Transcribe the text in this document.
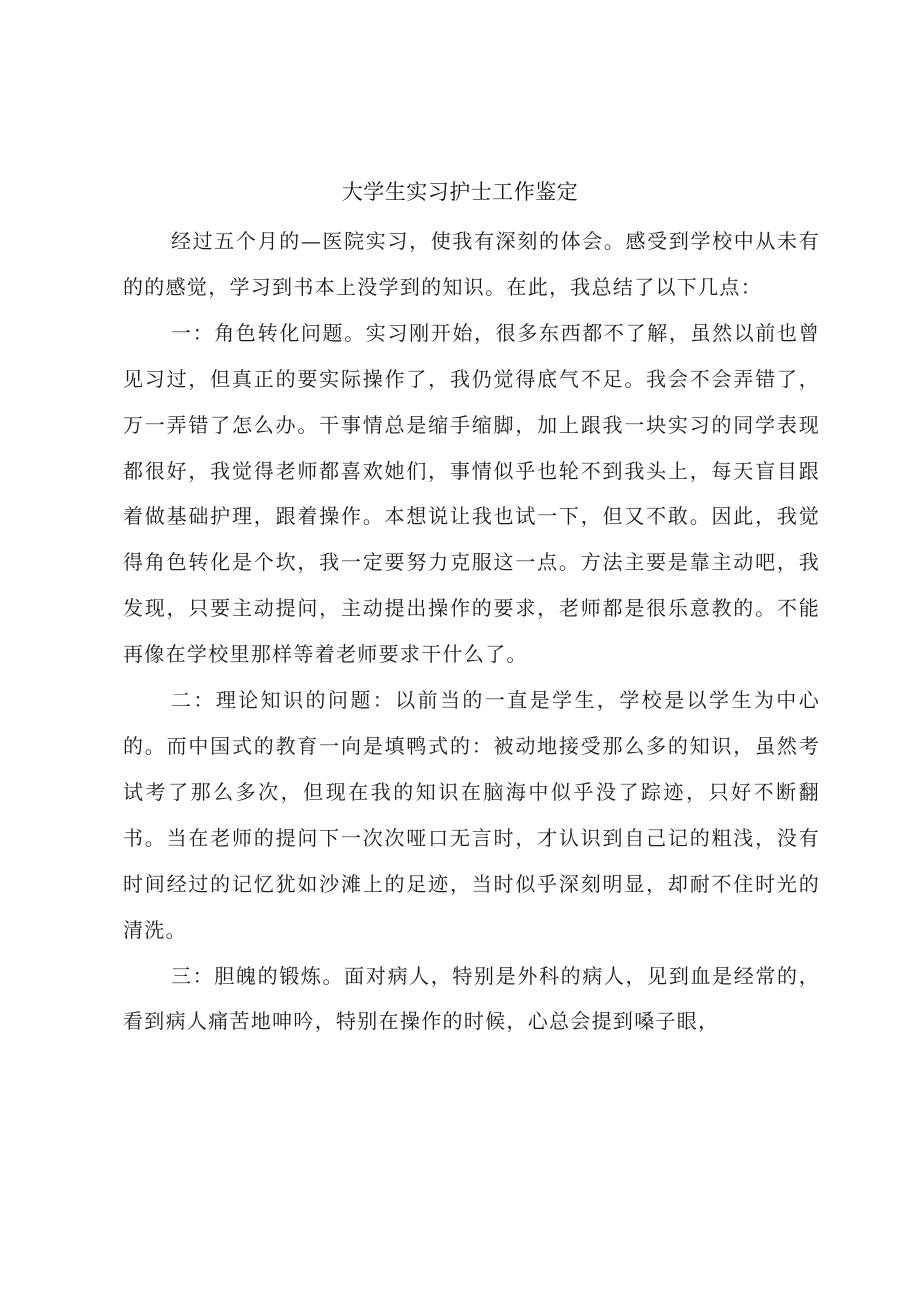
大学生实习护士工作鉴定

经过五个月的—医院实习，使我有深刻的体会。感受到学校中从未有的的感觉，学习到书本上没学到的知识。在此，我总结了以下几点：

一：角色转化问题。实习刚开始，很多东西都不了解，虽然以前也曾见习过，但真正的要实际操作了，我仍觉得底气不足。我会不会弄错了，万一弄错了怎么办。干事情总是缩手缩脚，加上跟我一块实习的同学表现都很好，我觉得老师都喜欢她们，事情似乎也轮不到我头上，每天盲目跟着做基础护理，跟着操作。本想说让我也试一下，但又不敢。因此，我觉得角色转化是个坎，我一定要努力克服这一点。方法主要是靠主动吧，我发现，只要主动提问，主动提出操作的要求，老师都是很乐意教的。不能再像在学校里那样等着老师要求干什么了。

二：理论知识的问题：以前当的一直是学生，学校是以学生为中心的。而中国式的教育一向是填鸭式的：被动地接受那么多的知识，虽然考试考了那么多次，但现在我的知识在脑海中似乎没了踪迹，只好不断翻书。当在老师的提问下一次次哑口无言时，才认识到自己记的粗浅，没有时间经过的记忆犹如沙滩上的足迹，当时似乎深刻明显，却耐不住时光的清洗。

三：胆魄的锻炼。面对病人，特别是外科的病人，见到血是经常的，看到病人痛苦地呻吟，特别在操作的时候，心总会提到嗓子眼，
